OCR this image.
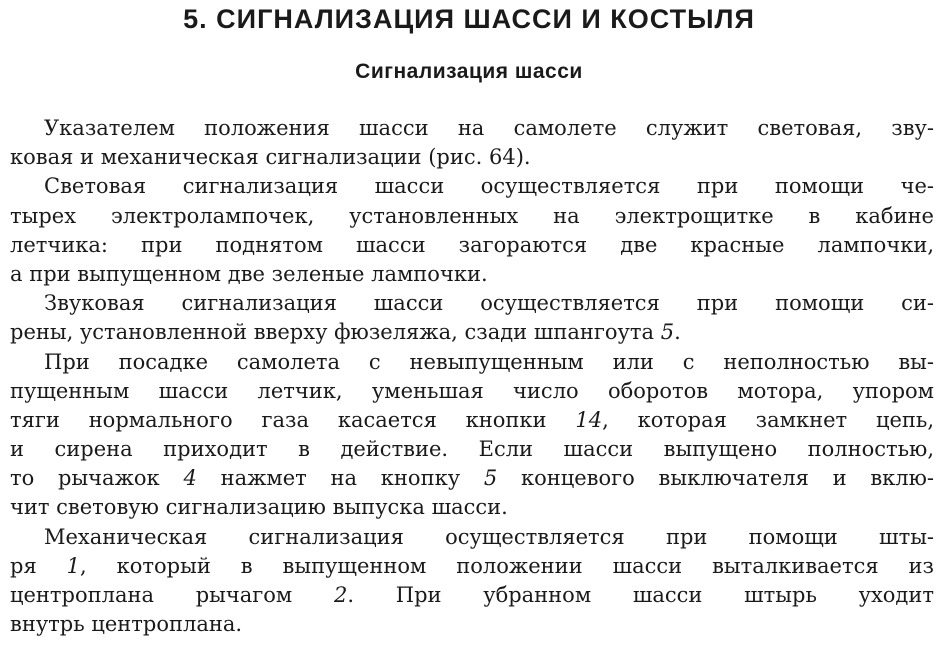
5. СИГНАЛИЗАЦИЯ ШАССИ И КОСТЫЛЯ
Сигнализация шасси
Указателем положения шасси на самолете служит световая, зву-
ковая и механическая сигнализации (рис. 64).
Световая сигнализация шасси осуществляется при помощи че-
тырех электролампочек, установленных на электрощитке в кабине
летчика: при поднятом шасси загораются две красные лампочки,
а при выпущенном две зеленые лампочки.
Звуковая сигнализация шасси осуществляется при помощи си-
рены, установленной вверху фюзеляжа, сзади шпангоута 5.
При посадке самолета с невыпущенным или с неполностью вы-
пущенным шасси летчик, уменьшая число оборотов мотора, упором
тяги нормального газа касается кнопки 14, которая замкнет цепь,
и сирена приходит в действие. Если шасси выпущено полностью,
то рычажок 4 нажмет на кнопку 5 концевого выключателя и вклю-
чит световую сигнализацию выпуска шасси.
Механическая сигнализация осуществляется при помощи шты-
ря 1, который в выпущенном положении шасси выталкивается из
центроплана рычагом 2. При убранном шасси штырь уходит
внутрь центроплана.
